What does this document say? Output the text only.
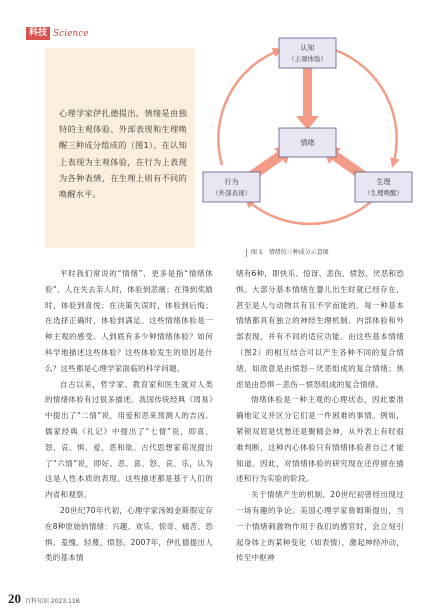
科技 Science

心理学家伊扎德提出，情绪是由独特的主观体验、外部表现和生理唤醒三种成分组成的（图1）。在认知上表现为主观体验，在行为上表现为各种表情，在生理上则有不同的唤醒水平。

认知
（主观体验）
情绪
行为
（外部表现）
生理
（生理唤醒）
图 1　情绪的三种成分示意图

平时我们常说的“情绪”，更多是指“情绪体验”。人在失去亲人时，体验到悲痛；在得到奖励时，体验到喜悦；在决策失误时，体验到后悔；在选择正确时，体验到满足。这些情绪体验是一种主观的感受。人到底有多少种情绪体验？如何科学地描述这些体验？这些体验发生的原因是什么？这些都是心理学家面临的科学问题。

自古以来，哲学家、教育家和医生就对人类的情绪体验有过很多描述。我国传统经典《周易》中提出了“二情”说，用爱和恶来预测人的吉凶。儒家经典《礼记》中提出了“七情”说，即喜、怒、哀、惧、爱、恶和欲。古代思想家荀况提出了“六情”说，即好、恶、喜、怒、哀、乐，认为这是人性本质的表现。这些描述都是基于人们的内省和观察。

20世纪70年代初，心理学家汤姆金斯假定存在8种原始的情绪：兴趣、欢乐、惊奇、痛苦、恐惧、羞愧、轻蔑、愤怒。2007年，伊扎德提出人类的基本情

绪有6种，即快乐、惊讶、悲伤、愤怒、厌恶和恐惧。大部分基本情绪在婴儿出生时就已经存在，甚至是人与动物共有且不学而能的。每一种基本情绪都具有独立的神经生理机制、内部体验和外部表现，并有不同的适应功能。由这些基本情绪（图2）的相互结合可以产生各种不同的复合情绪，如敌意是由愤怒－厌恶组成的复合情绪；焦虑是由恐惧－悲伤－愤怒组成的复合情绪。

情绪体验是一种主观的心理状态，因此要准确地定义并区分它们是一件困难的事情。例如，紧锁双眉是忧愁还是聚精会神，从外表上有时很难判断，这种内心体验只有情绪体验者自己才能知道。因此，对情绪体验的研究现在还停留在描述和行为实验的阶段。

关于情绪产生的机制，20世纪初曾经出现过一场有趣的争论。美国心理学家詹姆斯提出，当一个情绪刺激物作用于我们的感官时，会立刻引起身体上的某种变化（如表情），激起神经冲动，传至中枢神

20 百科知识 2023.11B
